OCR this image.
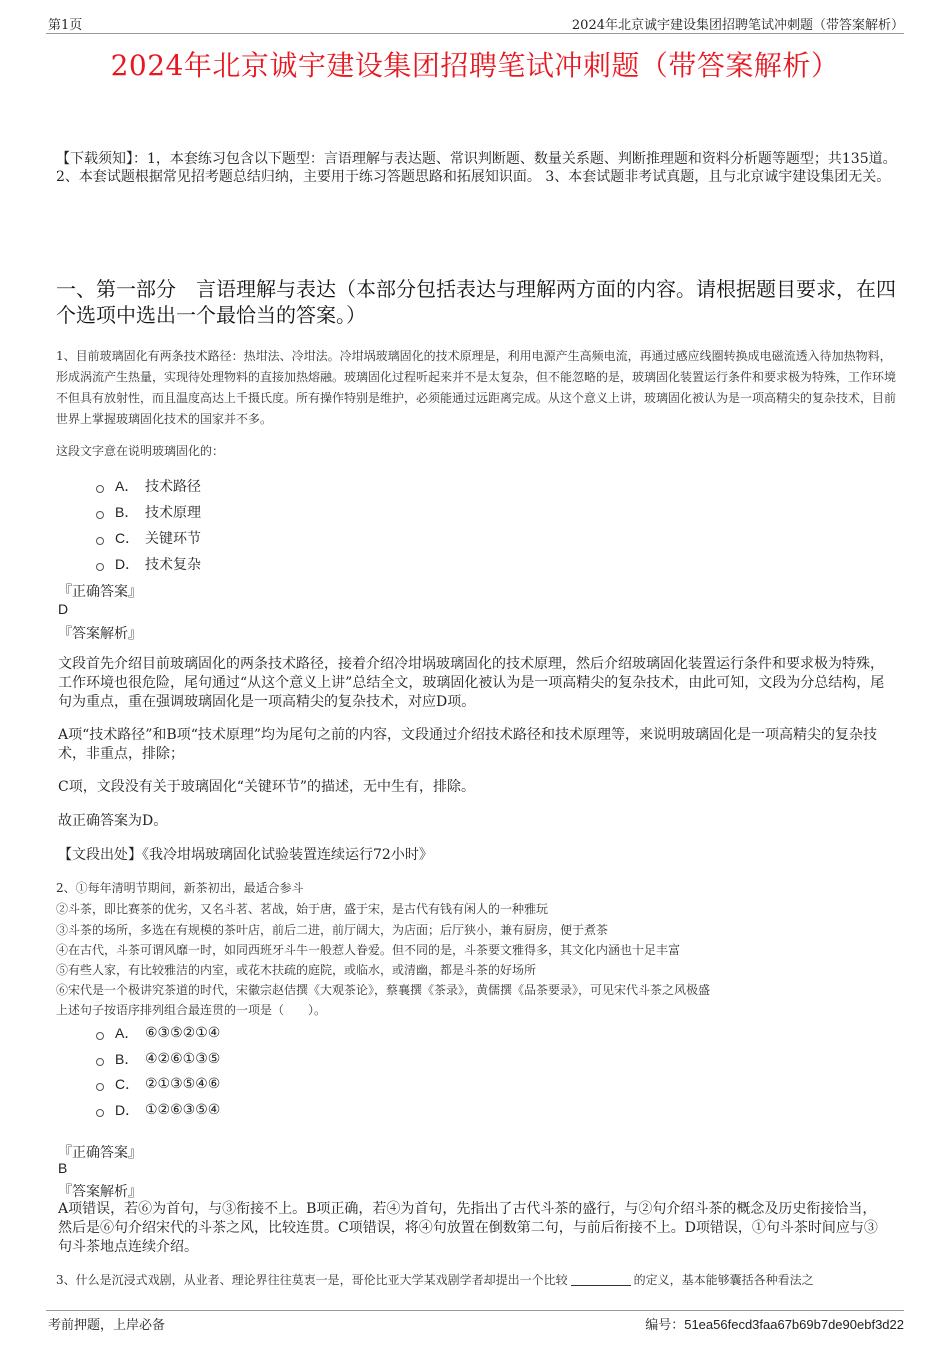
第1页	2024年北京诚宇建设集团招聘笔试冲刺题（带答案解析）
2024年北京诚宇建设集团招聘笔试冲刺题（带答案解析）
【下载须知】：1，本套练习包含以下题型：言语理解与表达题、常识判断题、数量关系题、判断推理题和资料分析题等题型；共135道。 2、本套试题根据常见招考题总结归纳，主要用于练习答题思路和拓展知识面。 3、本套试题非考试真题，且与北京诚宇建设集团无关。
一、第一部分　言语理解与表达（本部分包括表达与理解两方面的内容。请根据题目要求，在四个选项中选出一个最恰当的答案。）
1、目前玻璃固化有两条技术路径：热坩法、冷坩法。冷坩埚玻璃固化的技术原理是，利用电源产生高频电流，再通过感应线圈转换成电磁流透入待加热物料，形成涡流产生热量，实现待处理物料的直接加热熔融。玻璃固化过程听起来并不是太复杂，但不能忽略的是，玻璃固化装置运行条件和要求极为特殊，工作环境不但具有放射性，而且温度高达上千摄氏度。所有操作特别是维护，必须能通过远距离完成。从这个意义上讲，玻璃固化被认为是一项高精尖的复杂技术，目前世界上掌握玻璃固化技术的国家并不多。
这段文字意在说明玻璃固化的：
A． 技术路径
B． 技术原理
C． 关键环节
D． 技术复杂
『正确答案』
D
『答案解析』
文段首先介绍目前玻璃固化的两条技术路径，接着介绍冷坩埚玻璃固化的技术原理，然后介绍玻璃固化装置运行条件和要求极为特殊，工作环境也很危险，尾句通过“从这个意义上讲”总结全文，玻璃固化被认为是一项高精尖的复杂技术，由此可知，文段为分总结构，尾句为重点，重在强调玻璃固化是一项高精尖的复杂技术，对应D项。
A项“技术路径”和B项“技术原理”均为尾句之前的内容，文段通过介绍技术路径和技术原理等，来说明玻璃固化是一项高精尖的复杂技术，非重点，排除；
C项，文段没有关于玻璃固化“关键环节”的描述，无中生有，排除。
故正确答案为D。
【文段出处】《我冷坩埚玻璃固化试验装置连续运行72小时》
2、①每年清明节期间，新茶初出，最适合参斗
②斗茶，即比赛茶的优劣，又名斗茗、茗战，始于唐，盛于宋，是古代有钱有闲人的一种雅玩
③斗茶的场所，多选在有规模的茶叶店，前后二进，前厅阔大，为店面；后厅狭小，兼有厨房，便于煮茶
④在古代，斗茶可谓风靡一时，如同西班牙斗牛一般惹人眷爱。但不同的是，斗茶要文雅得多，其文化内涵也十足丰富
⑤有些人家，有比较雅洁的内室，或花木扶疏的庭院，或临水，或清幽，都是斗茶的好场所
⑥宋代是一个极讲究茶道的时代，宋徽宗赵佶撰《大观茶论》，蔡襄撰《茶录》，黄儒撰《品茶要录》，可见宋代斗茶之风极盛
上述句子按语序排列组合最连贯的一项是（　　）。
A． ⑥③⑤②①④
B． ④②⑥①③⑤
C． ②①③⑤④⑥
D． ①②⑥③⑤④
『正确答案』
B
『答案解析』
A项错误，若⑥为首句，与③衔接不上。B项正确，若④为首句，先指出了古代斗茶的盛行，与②句介绍斗茶的概念及历史衔接恰当，然后是⑥句介绍宋代的斗茶之风，比较连贯。C项错误，将④句放置在倒数第二句，与前后衔接不上。D项错误，①句斗茶时间应与③句斗茶地点连续介绍。
3、什么是沉浸式戏剧，从业者、理论界往往莫衷一是，哥伦比亚大学某戏剧学者却提出一个比较	的定义，基本能够囊括各种看法之
考前押题，上岸必备	编号：51ea56fecd3faa67b69b7de90ebf3d22
